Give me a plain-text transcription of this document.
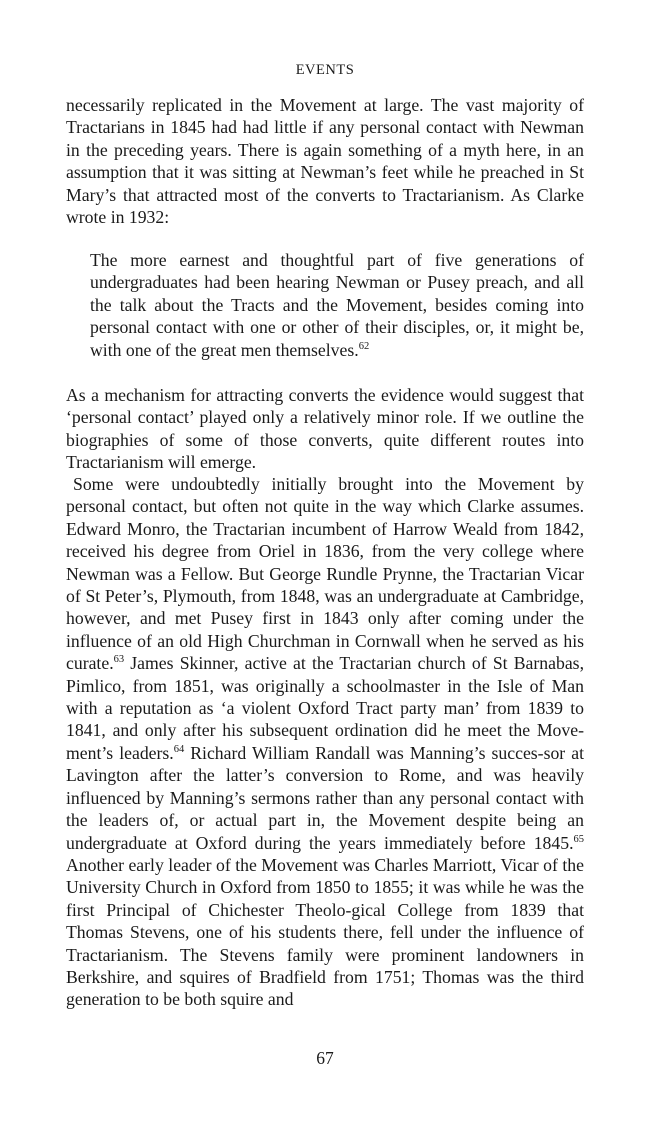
EVENTS

necessarily replicated in the Movement at large. The vast majority of Tractarians in 1845 had had little if any personal contact with Newman in the preceding years. There is again something of a myth here, in an assumption that it was sitting at Newman’s feet while he preached in St Mary’s that attracted most of the converts to Tractarianism. As Clarke wrote in 1932:

The more earnest and thoughtful part of five generations of undergraduates had been hearing Newman or Pusey preach, and all the talk about the Tracts and the Movement, besides coming into personal contact with one or other of their disciples, or, it might be, with one of the great men themselves.$^{62}$

As a mechanism for attracting converts the evidence would suggest that ‘personal contact’ played only a relatively minor role. If we outline the biographies of some of those converts, quite different routes into Tractarianism will emerge.

Some were undoubtedly initially brought into the Movement by personal contact, but often not quite in the way which Clarke assumes. Edward Monro, the Tractarian incumbent of Harrow Weald from 1842, received his degree from Oriel in 1836, from the very college where Newman was a Fellow. But George Rundle Prynne, the Tractarian Vicar of St Peter’s, Plymouth, from 1848, was an undergraduate at Cambridge, however, and met Pusey first in 1843 only after coming under the influence of an old High Churchman in Cornwall when he served as his curate.$^{63}$ James Skinner, active at the Tractarian church of St Barnabas, Pimlico, from 1851, was originally a schoolmaster in the Isle of Man with a reputation as ‘a violent Oxford Tract party man’ from 1839 to 1841, and only after his subsequent ordination did he meet the Move-ment’s leaders.$^{64}$ Richard William Randall was Manning’s succes-sor at Lavington after the latter’s conversion to Rome, and was heavily influenced by Manning’s sermons rather than any personal contact with the leaders of, or actual part in, the Movement despite being an undergraduate at Oxford during the years immediately before 1845.65 Another early leader of the Movement was Charles Marriott, Vicar of the University Church in Oxford from 1850 to 1855; it was while he was the first Principal of Chichester Theolo-gical College from 1839 that Thomas Stevens, one of his students there, fell under the influence of Tractarianism. The Stevens family were prominent landowners in Berkshire, and squires of Bradfield from 1751; Thomas was the third generation to be both squire and

67
